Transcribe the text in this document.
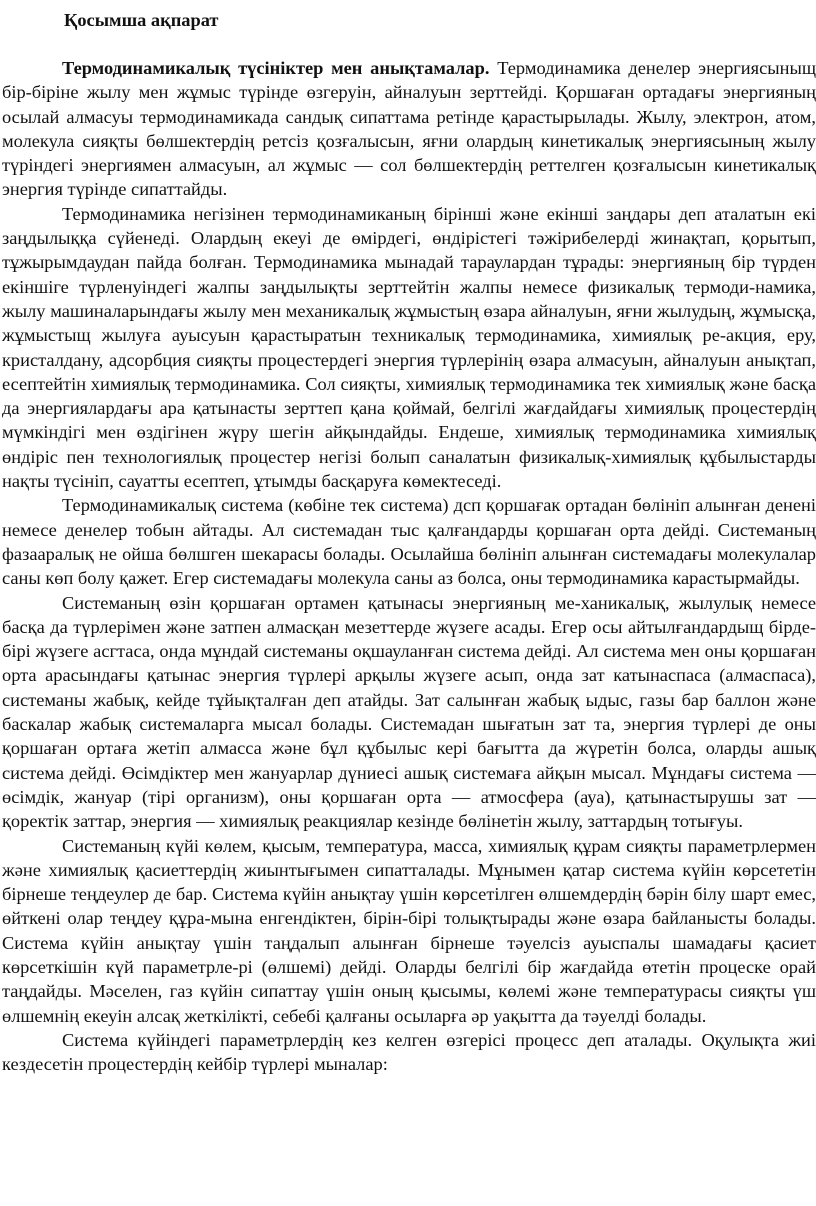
Қосымша ақпарат

Термодинамикалық түсініктер мен анықтамалар. Термодинамика денелер энергиясыныщ бір-біріне жылу мен жұмыс түрінде өзгеруін, айналуын зерттейді. Қоршаған ортадағы энергияның осылай алмасуы термодинамикада сандық сипаттама ретінде қарастырылады. Жылу, электрон, атом, молекула сияқты бөлшектердің ретсіз қозғалысын, яғни олардың кинетикалық энергиясының жылу түріндегі энергиямен алмасуын, ал жұмыс — сол бөлшектердің реттелген қозғалысын кинетикалық энергия түрінде сипаттайды.

Термодинамика негізінен термодинамиканың бірінші және екінші заңдары деп аталатын екі заңдылыққа сүйенеді. Олардың екеуі де өмірдегі, өндірістегі тәжірибелерді жинақтап, қорытып, тұжырымдаудан пайда болған. Термодинамика мынадай тараулардан тұрады: энергияның бір түрден екіншіге түрленуіндегі жалпы заңдылықты зерттейтін жалпы немесе физикалық термоди-намика, жылу машиналарындағы жылу мен механикалық жұмыстың өзара айналуын, яғни жылудың, жұмысқа, жұмыстыщ жылуға ауысуын қарастыратын техникалық термодинамика, химиялық ре-акция, еру, кристалдану, адсорбция сияқты процестердегі энергия түрлерінің өзара алмасуын, айналуын анықтап, есептейтін химиялық термодинамика. Сол сияқты, химиялық термодинамика тек химиялық және басқа да энергиялардағы ара қатынасты зерттеп қана қоймай, белгілі жағдайдағы химиялық процестердің мүмкіндігі мен өздігінен жүру шегін айқындайды. Ендеше, химиялық термодинамика химиялық өндіріс пен технологиялық процестер негізі болып саналатын физикалық-химиялық құбылыстарды нақты түсініп, сауатты есептеп, ұтымды басқаруға көмектеседі.

Термодинамикалық система (көбіне тек система) дсп қоршағак ортадан бөлініп алынған денені немесе денелер тобын айтады. Ал системадан тыс қалғандарды қоршаған орта дейді. Системаның фазааралық не ойша бөлшген шекарасы болады. Осылайша бөлініп алынған системадағы молекулалар саны көп болу қажет. Егер системадағы молекула саны аз болса, оны термодинамика карастырмайды.

Системаның өзін қоршаған ортамен қатынасы энергияның ме-ханикалық, жылулық немесе басқа да түрлерімен және затпен алмасқан мезеттерде жүзеге асады. Егер осы айтылғандардыщ бірде-бірі жүзеге асгтаса, онда мұндай системаны оқшауланған система дейді. Ал система мен оны қоршаған орта арасындағы қатынас энергия түрлері арқылы жүзеге асып, онда зат катынаспаса (алмаспаса), системаны жабық, кейде тұйықталған деп атайды. Зат салынған жабық ыдыс, газы бар баллон және баскалар жабық системаларга мысал болады. Системадан шығатын зат та, энергия түрлері де оны қоршаған ортаға жетіп алмасса және бұл құбылыс кері бағытта да жүретін болса, оларды ашық система дейді. Өсімдіктер мен жануарлар дүниесі ашық системаға айқын мысал. Мұндағы система — өсімдік, жануар (тірі организм), оны қоршаған орта — атмосфера (ауа), қатынастырушы зат — қоректік заттар, энергия — химиялық реакциялар кезінде бөлінетін жылу, заттардың тотығуы.

Системаның күйі көлем, қысым, температура, масса, химиялық құрам сияқты параметрлермен және химиялық қасиеттердің жиынтығымен сипатталады. Мұнымен қатар система күйін көрсететін бірнеше теңдеулер де бар. Система күйін анықтау үшін көрсетілген өлшемдердің бәрін білу шарт емес, өйткені олар теңдеу құра-мына енгендіктен, бірін-бірі толықтырады және өзара байланысты болады. Система күйін анықтау үшін таңдалып алынған бірнеше тәуелсіз ауыспалы шамадағы қасиет көрсеткішін күй параметрле-рі (өлшемі) дейді. Оларды белгілі бір жағдайда өтетін процеске орай таңдайды. Мәселен, газ күйін сипаттау үшін оның қысымы, көлемі және температурасы сияқты үш өлшемнің екеуін алсақ жеткілікті, себебі қалғаны осыларға әр уақытта да тәуелді болады.

Система күйіндегі параметрлердің кез келген өзгерісі процесс деп аталады. Оқулықта жиі кездесетін процестердің кейбір түрлері мыналар:
